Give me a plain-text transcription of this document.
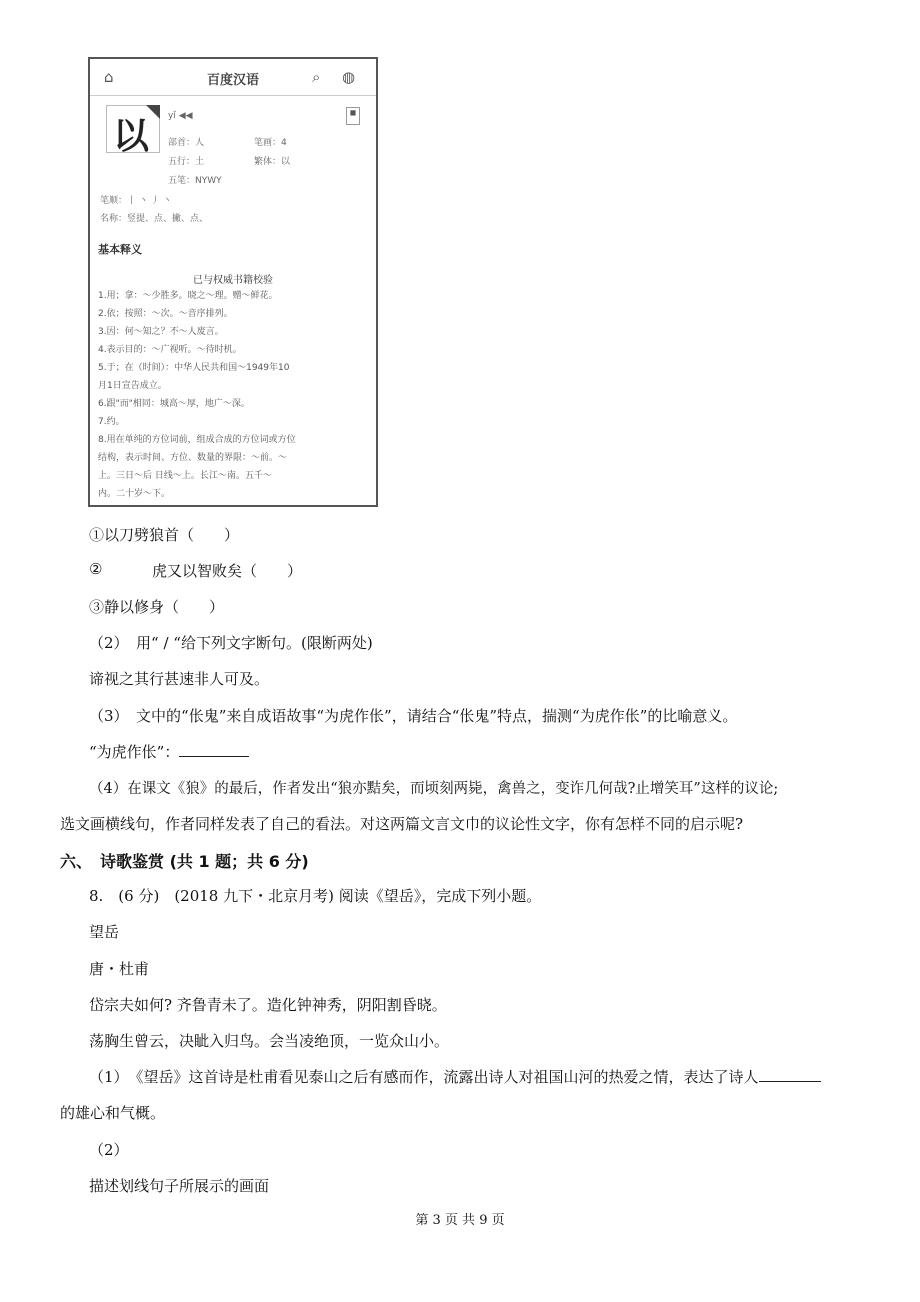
⌂	百度汉语	⌕ ◍
以
◼
yǐ ◀◀
部首：人	笔画：4
五行：土	繁体：以
五笔：NYWY
笔顺：丨 丶 丿 丶
名称：竖提、点、撇、点、
基本释义
已与权威书籍校验
1.用；拿：～少胜多。晓之～理。赠～鲜花。
2.依；按照：～次。～音序排列。
3.因：何～知之？不～人废言。
4.表示目的：～广视听。～待时机。
5.于；在（时间）：中华人民共和国～1949年10
月1日宣告成立。
6.跟"而"相同：城高～厚，地广～深。
7.约。
8.用在单纯的方位词前，组成合成的方位词或方位
结构，表示时间、方位、数量的界限：～前。～
上。三日～后 日线～上。长江～南。五千～
内。二十岁～下。
①以刀劈狼首（　　）
②	虎又以智败矣（　　）
③静以修身（　　）
（2）　用“ / “给下列文字断句。(限断两处)
谛视之其行甚速非人可及。
（3）　文中的“伥鬼”来自成语故事“为虎作伥”，请结合“伥鬼”特点，揣测“为虎作伥”的比喻意义。
“为虎作伥”：
（4）在课文《狼》的最后，作者发出“狼亦黠矣，而顷刻两毙，禽兽之，变诈几何哉?止增笑耳”这样的议论;
选文画横线句，作者同样发表了自己的看法。对这两篇文言文巾的议论性文字，你有怎样不同的启示呢?
六、　诗歌鉴赏 (共 1 题；共 6 分)
8.　(6 分)　(2018 九下・北京月考) 阅读《望岳》，完成下列小题。
望岳
唐・杜甫
岱宗夫如何? 齐鲁青未了。造化钟神秀，阴阳割昏晓。
荡胸生曾云，决眦入归鸟。会当凌绝顶，一览众山小。
（1）　《望岳》这首诗是杜甫看见泰山之后有感而作，流露出诗人对祖国山河的热爱之情，表达了诗人
的雄心和气概。
（2）
描述划线句子所展示的画面
第 3 页 共 9 页
